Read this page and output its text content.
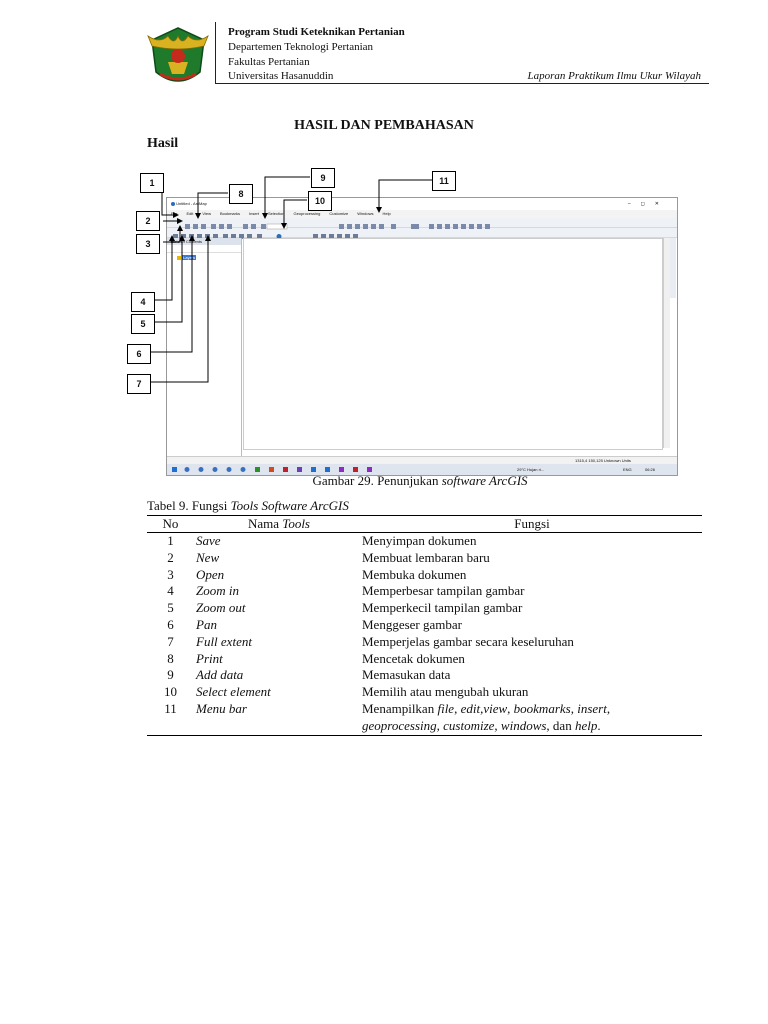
Program Studi Keteknikan Pertanian
Departemen Teknologi Pertanian
Fakultas Pertanian
Universitas Hasanuddin	Laporan Praktikum Ilmu Ukur Wilayah
HASIL DAN PEMBAHASAN
Hasil
Untitled - ArcMap	–◻✕
File Edit View Bookmarks Insert Selection Geoprocessing Customize Windows Help
Table Of Contents
Layers
1315,4 150,125 Unknown Units
29°C Hujan ri...	ENG	06:26
1
2
3
4
5
6
7
8
9
10
11
Gambar 29. Penunjukan software ArcGIS
Tabel 9. Fungsi Tools Software ArcGIS
No	Nama Tools	Fungsi
1	Save	Menyimpan dokumen
2	New	Membuat lembaran baru
3	Open	Membuka dokumen
4	Zoom in	Memperbesar tampilan gambar
5	Zoom out	Memperkecil tampilan gambar
6	Pan	Menggeser gambar
7	Full extent	Memperjelas gambar secara keseluruhan
8	Print	Mencetak dokumen
9	Add data	Memasukan data
10	Select element	Memilih atau mengubah ukuran
11	Menu bar	Menampilkan file, edit,view, bookmarks, insert,
geoprocessing, customize, windows, dan help.
